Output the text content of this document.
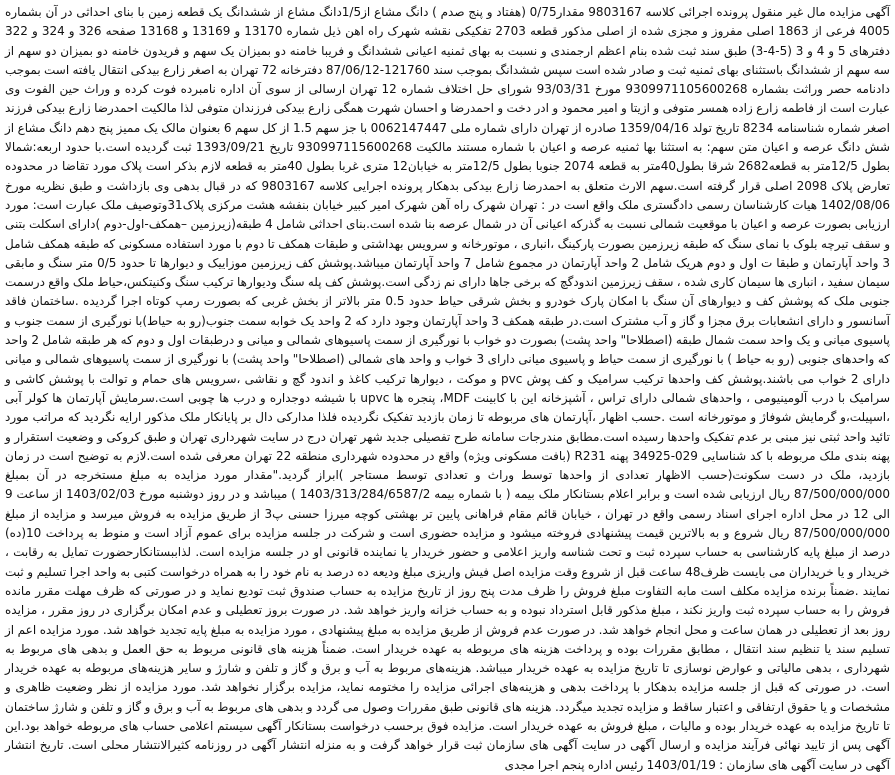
آگهی مزایده مال غیر منقول پرونده اجرائی کلاسه 9803167 مقدار0/75 (هفتاد و پنج صدم ) دانگ مشاع از1/5دانگ مشاع از ششدانگ یک قطعه زمین با بنای احداثی در آن بشماره 4005 فرعی از 1863 اصلی مفروز و مجزی شده از اصلی مذکور قطعه 2703 تفکیکی نقشه شهرک راه اهن ذیل شماره 13170 و 13169 و 13168 صفحه 326 و 324 و 322 دفترهای 5 و 4 و 3 (5-4-3) طبق سند ثبت شده بنام اعظم ارجمندی و نسبت به بهای ثمنیه اعیانی ششدانگ و فریبا خامنه دو بمیزان یک سهم و فریدون خامنه دو بمیزان دو سهم از سه سهم از ششدانگ باستثنای بهای ثمنیه ثبت و صادر شده است سپس ششدانگ بموجب سند 121760-87/06/12 دفترخانه 72 تهران به اصغر زارع بیدکی انتقال یافته است بموجب دادنامه حصر وراثت بشماره 9309971105600268 مورخ 93/03/31 شورای حل اختلاف شماره 12 تهران ارسالی از سوی آن اداره نامبرده فوت کرده و وراث حین الفوت وی عبارت است از فاطمه زارع زاده همسر متوفی و ازیتا و امیر محمود و ادر دخت و احمدرضا و احسان شهرت همگی زارع بیدکی فرزندان متوفی لذا مالکیت احمدرضا زارع بیدکی فرزند اصغر شماره شناسنامه 8234 تاریخ تولد 1359/04/16 صادره از تهران دارای شماره ملی 0062147447 با جز سهم 1.5 از کل سهم 6 بعنوان مالک یک ممیز پنج دهم دانگ مشاع از شش دانگ عرصه و اعیان متن سهم: به استثنا بها ثمنیه عرصه و اعیان با شماره مستند مالکیت 93099711560026‌8 تاریخ 1393/09/21 ثبت گردیده است.با حدود اربعه:شمالا بطول 12/5متر به قطعه2682 شرقا بطول40متر به قطعه 2074 جنوبا بطول 12/5متر به خیابان12 متری غربا بطول 40متر به قطعه لازم بذکر است پلاک مورد تقاضا در محدوده تعارض پلاک 2098 اصلی قرار گرفته است.سهم الارث متعلق به احمدرضا زارع بیدکی بدهکار پرونده اجرایی کلاسه 9803167 که در قبال بدهی وی بازداشت و طبق نظریه مورخ 1402/08/06 هیات کارشناسان رسمی دادگستری ملک واقع است در : تهران شهرک راه آهن شهرک امیر کبیر خیابان بنفشه هشت مرکزی پلاک31وتوصیف ملک عبارت است: مورد ارزیابی بصورت عرصه و اعیان با موقعیت شمالی نسبت به گذرکه اعیانی آن در شمال عرصه بنا شده است.بنای احداثی شامل 4 طبقه(زیرزمین –همکف-اول-دوم )دارای اسکلت بتنی و سقف تیرچه بلوک با نمای سنگ که طبقه زیرزمین بصورت پارکینگ ،انباری ، موتورخانه و سرویس بهداشتی و طبقات همکف تا دوم با مورد استفاده مسکونی که طبقه همکف شامل 3 واحد آپارتمان و طبقا ت اول و دوم هریک شامل 2 واحد آپارتمان در مجموع شامل 7 واحد آپارتمان میباشد.پوشش کف زیرزمین موزاییک و دیوارها تا حدود 0/5 متر سنگ و مابقی سیمان سفید ، انباری ها سیمان کاری شده ، سقف زیرزمین اندودگچ که برخی جاها دارای نم زدگی است.پوشش کف پله سنگ ودیوارها ترکیب سنگ وکنیتکس،حیاط ملک واقع درسمت جنوبی ملک که پوشش کف و دیوارهای آن سنگ با امکان پارک خودرو و بخش شرقی حیاط حدود 0.5 متر بالاتر از بخش غربی که بصورت رمپ کوتاه اجرا گردیده .ساختمان فاقد آسانسور و دارای انشعابات برق مجزا و گاز و آب مشترک است.در طبقه همکف 3 واحد آپارتمان وجود دارد که 2 واحد یک خوابه سمت جنوب(رو به حیاط)با نورگیری از سمت جنوب و پاسیوی میانی و یک واحد سمت شمال طبقه (اصطلاحا" واحد پشت) بصورت دو خواب با نورگیری از سمت پاسیوهای شمالی و میانی و درطبقات اول و دوم که هر طبقه شامل 2 واحد که واحدهای جنوبی (رو به حیاط ) با نورگیری از سمت حیاط و پاسیوی میانی دارای 3 خواب و واحد های شمالی (اصطلاحا" واحد پشت) با نورگیری از سمت پاسیوهای شمالی و میانی دارای 2 خواب می باشند.پوشش کف واحدها ترکیب سرامیک و کف پوش pvc و موکت ، دیوارها ترکیب کاغذ و اندود گچ و نقاشی ،سرویس های حمام و توالت با پوشش کاشی و سرامیک با درب آلومینیومی ، واحدهای شمالی دارای تراس ، آشپزخانه این با کابینت MDF، پنجره ها upvc با شیشه دوجداره و درب ها چوبی است.سرمایش آپارتمان ها کولر آبی ،اسپیلت،و گرمایش شوفاژ و موتورخانه است .حسب اظهار ،آپارتمان های مربوطه تا زمان بازدید تفکیک نگردیده فلذا مدارکی دال بر پایانکار ملک مذکور ارایه نگردید که مراتب مورد تائید واحد ثبتی نیز مبنی بر عدم تفکیک واحدها رسیده است.مطابق مندرجات سامانه طرح تفصیلی جدید شهر تهران درج در سایت شهرداری تهران و طبق کروکی و وضعیت استقرار و پهنه بندی ملک مربوطه با کد شناسایی 029-34925 پهنه R231 (بافت مسکونی ویژه) واقع در محدوده شهرداری منطقه 22 تهران معرفی شده است.لازم به توضیح است در زمان بازدید، ملک در دست سکونت(حسب الاظهار تعدادی از واحدها توسط وراث و تعدادی توسط مستاجر )ابراز گردید."مقدار مورد مزایده به مبلغ مستخرجه در آن بمبلغ 87/500/000/000 ریال ارزیابی شده است و برابر اعلام بستانکار ملک بیمه ( با شماره بیمه 1403/313/284/6587/2 ) میباشد و در روز دوشنبه مورخ 1403/02/03 از ساعت 9 الی 12 در محل اداره اجرای اسناد رسمی واقع در تهران ، خیابان قائم مقام فراهانی پایین تر بهشتی کوچه میرزا حسنی پ3 از طریق مزایده به فروش میرسد و مزایده از مبلغ 87/500/000/000 ریال شروع و به بالاترین قیمت پیشنهادی فروخته میشود و مزایده حضوری است و شرکت در جلسه مزایده برای عموم آزاد است و منوط به پرداخت 10(ده) درصد از مبلغ پایه کارشناسی به حساب سپرده ثبت و تحت شناسه واریز اعلامی و حضور خریدار یا نماینده قانونی او در جلسه مزایده است. لذاببستانکارحضورت تمایل به رقابت ، خریدار و یا خریداران می بایست ظرف48 ساعت قبل از شروع وقت مزایده اصل فیش واریزی مبلغ ودیعه ده درصد به نام خود را به همراه درخواست کتبی به واحد اجرا تسلیم و ثبت نمایند .ضمناً برنده مزایده مکلف است مابه التفاوت مبلغ فروش را ظرف مدت پنج روز از تاریخ مزایده به حساب صندوق ثبت تودیع نماید و در صورتی که ظرف مهلت مقرر مانده فروش را به حساب سپرده ثبت واریز نکند ، مبلغ مذکور قابل استرداد نبوده و به حساب خزانه واریز خواهد شد. در صورت بروز تعطیلی و عدم امکان برگزاری در روز مقرر ، مزایده روز بعد از تعطیلی در همان ساعت و محل انجام خواهد شد. در صورت عدم فروش از طریق مزایده به مبلغ پیشنهادی ، مورد مزایده به مبلغ پایه تجدید خواهد شد. مورد مزایده اعم از تسلیم سند یا تنظیم سند انتقال ، مطابق مقررات بوده و پرداخت هزینه های مربوطه به عهده خریدار است. ضمناً هزینه های قانونی مربوط به حق العمل و بدهی های مربوط به شهرداری ، بدهی مالیاتی و عوارض نوسازی تا تاریخ مزایده به عهده خریدار میباشد. هزینه‌های مربوط به آب و برق و گاز و تلفن و شارژ و سایر هزینه‌های مربوطه به عهده خریدار است. در صورتی که قبل از جلسه مزایده بدهکار با پرداخت بدهی و هزینه‌های اجرائی مزایده را مختومه نماید، مزایده برگزار نخواهد شد. مورد مزایده از نظر وضعیت ظاهری و مشخصات و یا حقوق ارتفاقی و اعتبار ساقط و مزایده تجدید میگردد. هزینه های قانونی طبق مقررات وصول می گردد و بدهی های مربوط به آب و برق و گاز و تلفن و شارژ ساختمان تا تاریخ مزایده به عهده خریدار بوده و مالیات ، مبلغ فروش به عهده خریدار است. مزایده فوق برحسب درخواست بستانکار آگهی سیستم اعلامی حساب های مربوطه خواهد بود.این آگهی پس از تایید نهائی فرآیند مزایده و ارسال آگهی در سایت آگهی های سازمان ثبت قرار خواهد گرفت و به منزله انتشار آگهی در روزنامه کثیرالانتشار محلی است. تاریخ انتشار آگهی در سایت آگهی های سازمان : 1403/01/19 رئیس اداره پنجم اجرا مجدی
